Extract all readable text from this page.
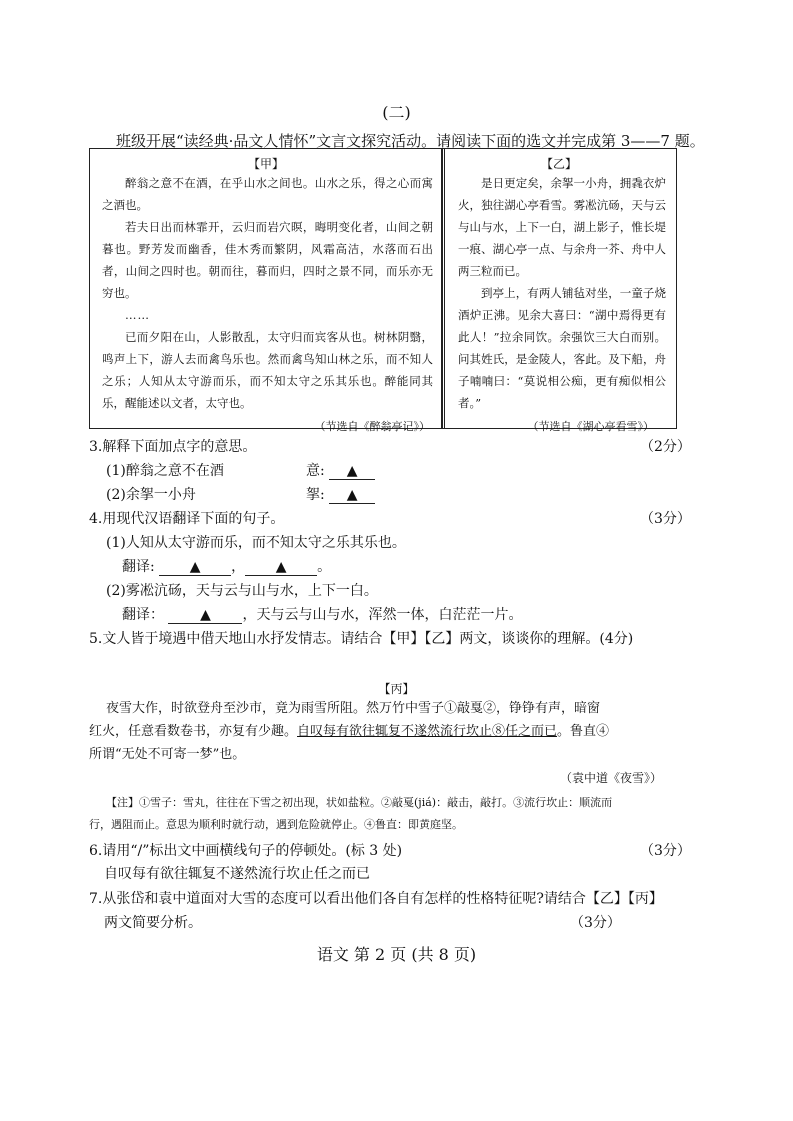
(二)
班级开展“读经典·品文人情怀”文言文探究活动。请阅读下面的选文并完成第 3——7 题。
【甲】

醉翁之意不在酒，在乎山水之间也。山水之乐，得之心而寓之酒也。

若夫日出而林霏开，云归而岩穴暝，晦明变化者，山间之朝暮也。野芳发而幽香，佳木秀而繁阴，风霜高洁，水落而石出者，山间之四时也。朝而往，暮而归，四时之景不同，而乐亦无穷也。

……

已而夕阳在山，人影散乱，太守归而宾客从也。树林阴翳，鸣声上下，游人去而禽鸟乐也。然而禽鸟知山林之乐，而不知人之乐；人知从太守游而乐，而不知太守之乐其乐也。醉能同其乐，醒能述以文者，太守也。

（节选自《醉翁亭记》）
【乙】

是日更定矣，余挐一小舟，拥毳衣炉火，独往湖心亭看雪。雾凇沆砀，天与云与山与水，上下一白，湖上影子，惟长堤一痕、湖心亭一点、与余舟一芥、舟中人两三粒而已。

到亭上，有两人铺毡对坐，一童子烧酒炉正沸。见余大喜曰：“湖中焉得更有此人！”拉余同饮。余强饮三大白而别。问其姓氏，是金陵人，客此。及下船，舟子喃喃曰：“莫说相公痴，更有痴似相公者。”

（节选自《湖心亭看雪》）
3.解释下面加点字的意思。	（2分）
(1)醉翁之意不在酒	意: ▲
(2)余挐一小舟	挐: ▲
4.用现代汉语翻译下面的句子。	（3分）
(1)人知从太守游而乐，而不知太守之乐其乐也。
翻译:	▲ ， ▲ 。
(2)雾凇沆砀，天与云与山与水，上下一白。
翻译：	▲ ，天与云与山与水，浑然一体，白茫茫一片。
5.文人皆于境遇中借天地山水抒发情志。请结合【甲】【乙】两文，谈谈你的理解。(4分)
【丙】
夜雪大作，时欲登舟至沙市，竟为雨雪所阻。然万竹中雪子①敲戛②，铮铮有声，暗窗
红火，任意看数卷书，亦复有少趣。自叹每有欲往辄复不遂然流行坎止⑧任之而已。鲁直④
所谓“无处不可寄一梦”也。
（袁中道《夜雪》）
【注】①雪子：雪丸，往往在下雪之初出现，状如盐粒。②敲戛(jiá)：敲击，敲打。③流行坎止：顺流而
行，遇阻而止。意思为顺利时就行动，遇到危险就停止。④鲁直：即黄庭坚。
6.请用“/”标出文中画横线句子的停顿处。(标 3 处)	（3分）
自叹每有欲往辄复不遂然流行坎止任之而已
7.从张岱和袁中道面对大雪的态度可以看出他们各自有怎样的性格特征呢?请结合【乙】【丙】
两文简要分析。	（3分）
语文 第 2 页 (共 8 页)
